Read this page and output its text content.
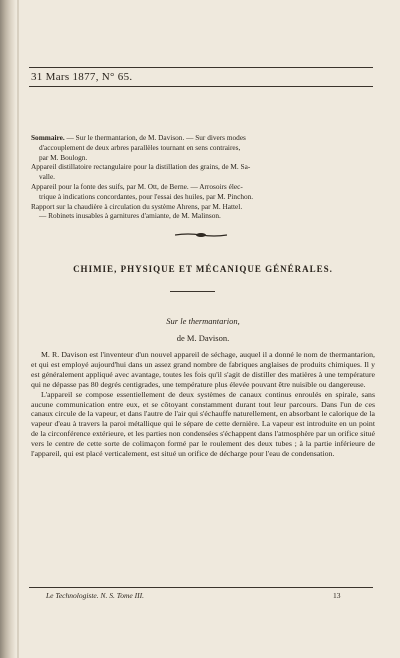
31 Mars 1877, N° 65.

Sommaire. — Sur le thermantarion, de M. Davison. — Sur divers modes

d'accouplement de deux arbres parallèles tournant en sens contraires,

par M. Boulogn.

Appareil distillatoire rectangulaire pour la distillation des grains, de M. Sa-

valle.

Appareil pour la fonte des suifs, par M. Ott, de Berne. — Arrosoirs élec-

trique à indications concordantes, pour l'essai des huiles, par M. Pinchon.

Rapport sur la chaudière à circulation du système Ahrens, par M. Hattel.

— Robinets inusables à garnitures d'amiante, de M. Malinson.

CHIMIE, PHYSIQUE ET MÉCANIQUE GÉNÉRALES.
Sur le thermantarion,
de M. Davison.

M. R. Davison est l'inventeur d'un nouvel appareil de séchage, auquel il a donné le nom de thermantarion, et qui est employé aujourd'hui dans un assez grand nombre de fabriques anglaises de produits chimiques. Il y est généralement appliqué avec avantage, toutes les fois qu'il s'agit de distiller des matières à une température qui ne dépasse pas 80 degrés centigrades, une température plus élevée pouvant être nuisible ou dangereuse.

L'appareil se compose essentiellement de deux systèmes de canaux continus enroulés en spirale, sans aucune communication entre eux, et se côtoyant constamment durant tout leur parcours. Dans l'un de ces canaux circule de la vapeur, et dans l'autre de l'air qui s'échauffe naturellement, en absorbant le calorique de la vapeur d'eau à travers la paroi métallique qui le sépare de cette dernière. La vapeur est introduite en un point de la circonférence extérieure, et les parties non condensées s'échappent dans l'atmosphère par un orifice situé vers le centre de cette sorte de colimaçon formé par le roulement des deux tubes ; à la partie inférieure de l'appareil, qui est placé verticalement, est situé un orifice de décharge pour l'eau de condensation.

Le Technologiste. N. S. Tome III.	13
